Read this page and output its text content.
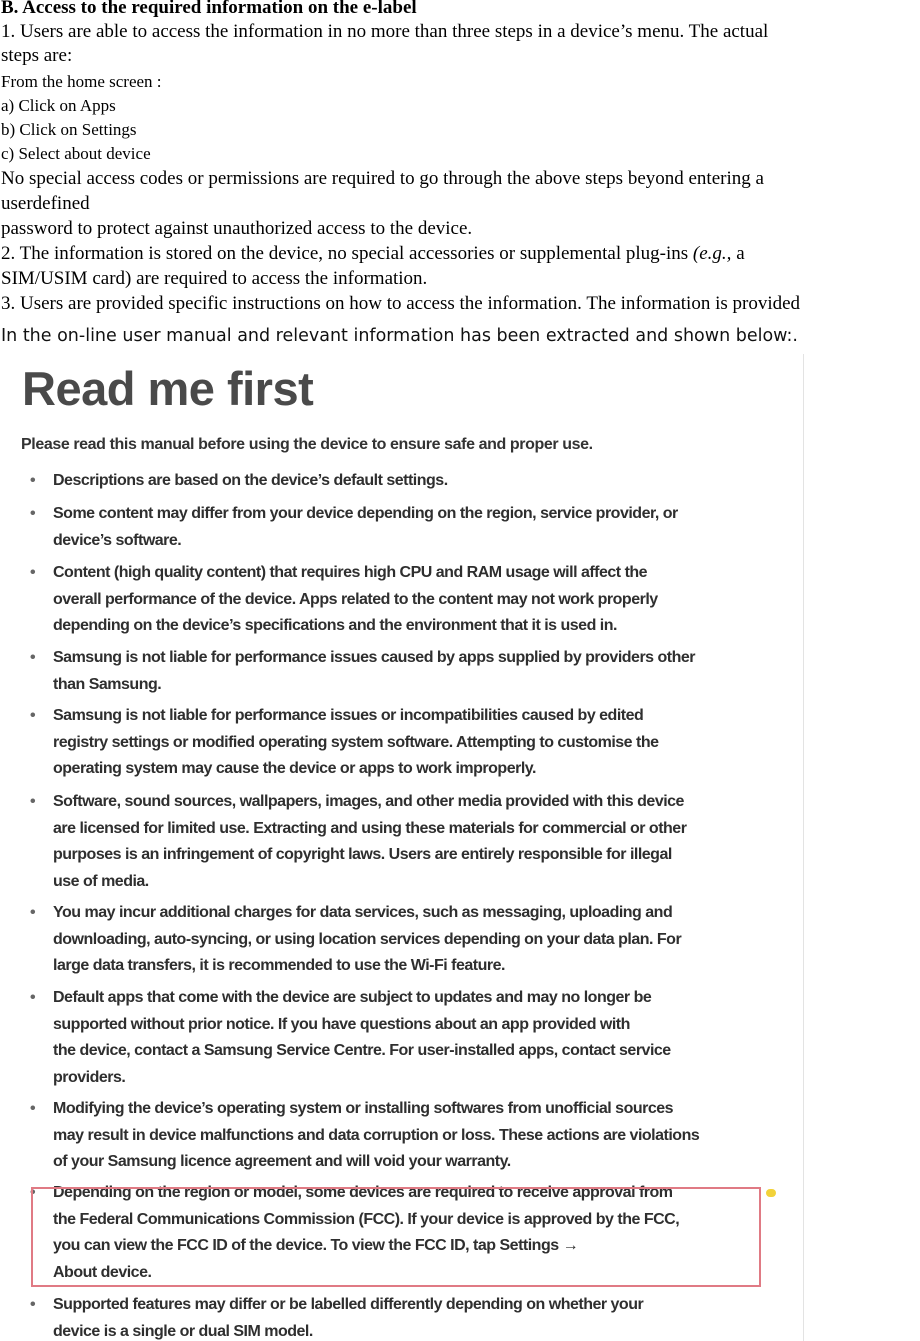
B. Access to the required information on the e-label
1. Users are able to access the information in no more than three steps in a device’s menu. The actual
steps are:
From the home screen :
a) Click on Apps
b) Click on Settings
c) Select about device
No special access codes or permissions are required to go through the above steps beyond entering a
userdefined
password to protect against unauthorized access to the device.
2. The information is stored on the device, no special accessories or supplemental plug-ins (e.g., a
SIM/USIM card) are required to access the information.
3. Users are provided specific instructions on how to access the information. The information is provided
In the on-line user manual and relevant information has been extracted and shown below:.
Read me first
Please read this manual before using the device to ensure safe and proper use.
• Descriptions are based on the device’s default settings.
• Some content may differ from your device depending on the region, service provider, or
device’s software.
• Content (high quality content) that requires high CPU and RAM usage will affect the
overall performance of the device. Apps related to the content may not work properly
depending on the device’s specifications and the environment that it is used in.
• Samsung is not liable for performance issues caused by apps supplied by providers other
than Samsung.
• Samsung is not liable for performance issues or incompatibilities caused by edited
registry settings or modified operating system software. Attempting to customise the
operating system may cause the device or apps to work improperly.
• Software, sound sources, wallpapers, images, and other media provided with this device
are licensed for limited use. Extracting and using these materials for commercial or other
purposes is an infringement of copyright laws. Users are entirely responsible for illegal
use of media.
• You may incur additional charges for data services, such as messaging, uploading and
downloading, auto-syncing, or using location services depending on your data plan. For
large data transfers, it is recommended to use the Wi-Fi feature.
• Default apps that come with the device are subject to updates and may no longer be
supported without prior notice. If you have questions about an app provided with
the device, contact a Samsung Service Centre. For user-installed apps, contact service
providers.
• Modifying the device’s operating system or installing softwares from unofficial sources
may result in device malfunctions and data corruption or loss. These actions are violations
of your Samsung licence agreement and will void your warranty.
• Depending on the region or model, some devices are required to receive approval from
the Federal Communications Commission (FCC). If your device is approved by the FCC,
you can view the FCC ID of the device. To view the FCC ID, tap Settings →
About device.
• Supported features may differ or be labelled differently depending on whether your
device is a single or dual SIM model.
